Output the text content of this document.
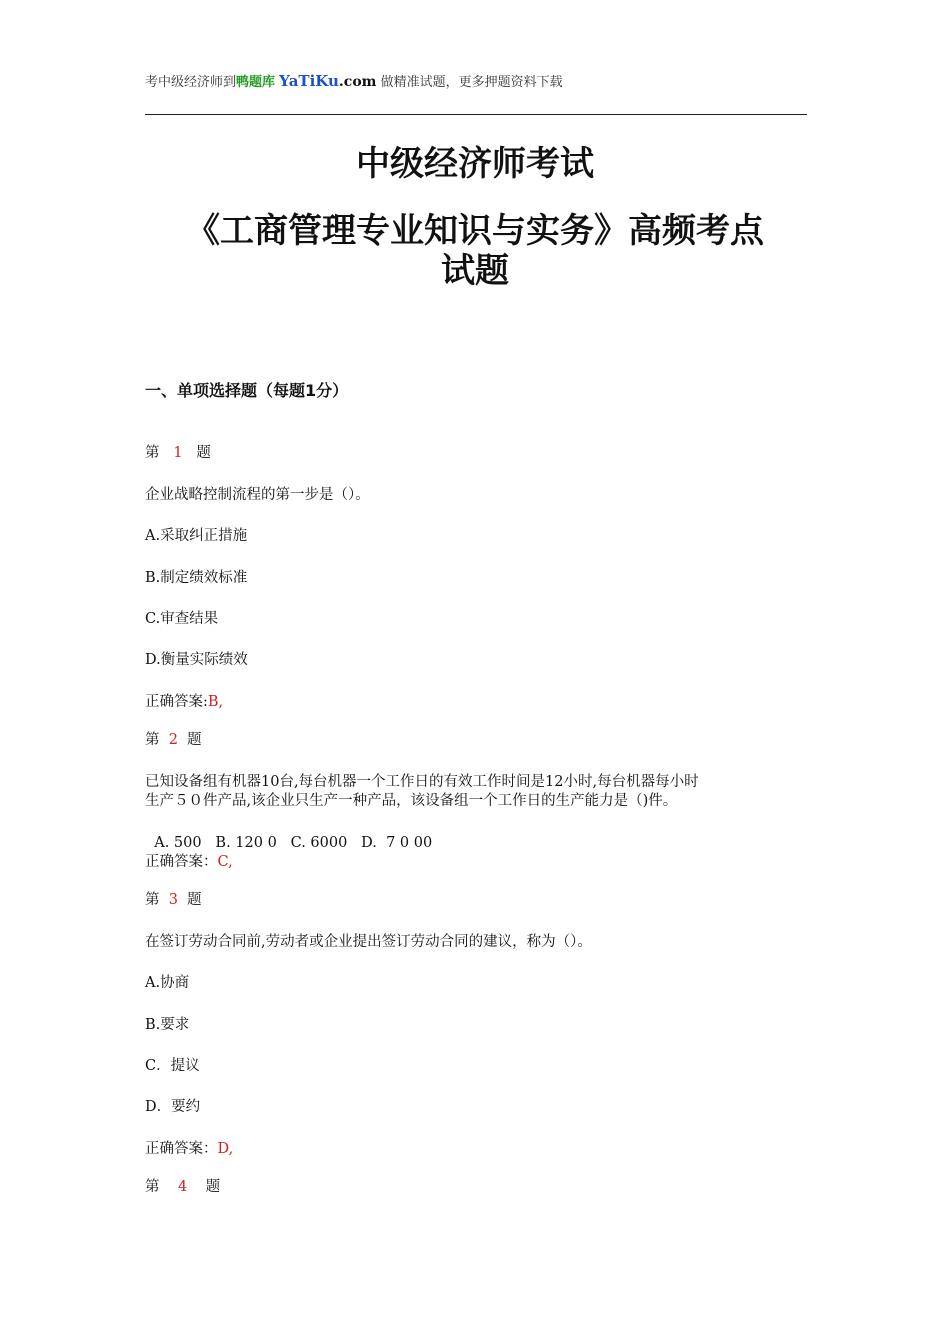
考中级经济师到鸭题库 YaTiKu.com 做精准试题，更多押题资料下载
中级经济师考试
《工商管理专业知识与实务》高频考点
试题
一、单项选择题（每题1分）
第 1 题
企业战略控制流程的第一步是（）。
A.采取纠正措施
B.制定绩效标准
C.审查结果
D.衡量实际绩效
正确答案:B,
第 2 题
已知设备组有机器10台,每台机器一个工作日的有效工作时间是12小时,每台机器每小时
生产５０件产品,该企业只生产一种产品，该设备组一个工作日的生产能力是（)件。
A. 500   B. 120 0   C. 6000   D.  7 0 00
正确答案：C,
第 3 题
在签订劳动合同前,劳动者或企业提出签订劳动合同的建议，称为（）。
A.协商
B.要求
C．提议
D．要约
正确答案：D,
第 4 题
